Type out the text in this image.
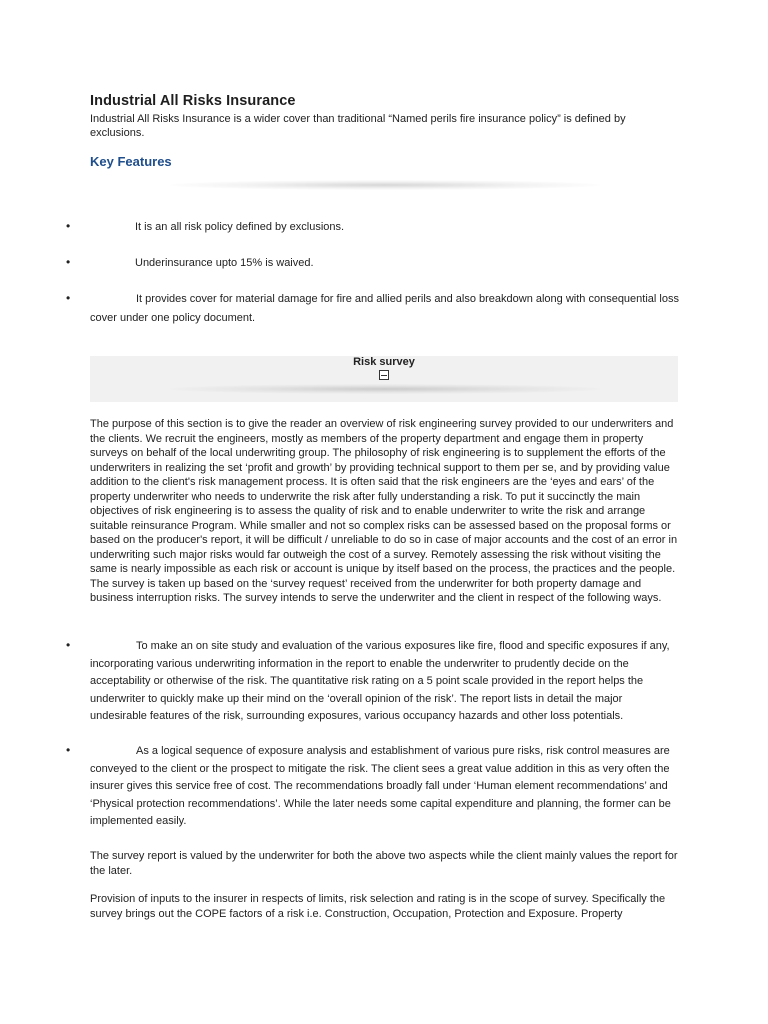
Industrial All Risks Insurance
Industrial All Risks Insurance is a wider cover than traditional “Named perils fire insurance policy” is defined by exclusions.
Key Features
•	It is an all risk policy defined by exclusions.
•	Underinsurance upto 15% is waived.
•	It provides cover for material damage for fire and allied perils and also breakdown along with consequential loss cover under one policy document.
Risk survey
The purpose of this section is to give the reader an overview of risk engineering survey provided to our underwriters and the clients. We recruit the engineers, mostly as members of the property department and engage them in property surveys on behalf of the local underwriting group. The philosophy of risk engineering is to supplement the efforts of the underwriters in realizing the set ‘profit and growth’ by providing technical support to them per se, and by providing value addition to the client's risk management process. It is often said that the risk engineers are the ‘eyes and ears’ of the property underwriter who needs to underwrite the risk after fully understanding a risk. To put it succinctly the main objectives of risk engineering is to assess the quality of risk and to enable underwriter to write the risk and arrange suitable reinsurance Program. While smaller and not so complex risks can be assessed based on the proposal forms or based on the producer's report, it will be difficult / unreliable to do so in case of major accounts and the cost of an error in underwriting such major risks would far outweigh the cost of a survey. Remotely assessing the risk without visiting the same is nearly impossible as each risk or account is unique by itself based on the process, the practices and the people. The survey is taken up based on the ‘survey request’ received from the underwriter for both property damage and business interruption risks. The survey intends to serve the underwriter and the client in respect of the following ways.
•	To make an on site study and evaluation of the various exposures like fire, flood and specific exposures if any, incorporating various underwriting information in the report to enable the underwriter to prudently decide on the acceptability or otherwise of the risk. The quantitative risk rating on a 5 point scale provided in the report helps the underwriter to quickly make up their mind on the ‘overall opinion of the risk’. The report lists in detail the major undesirable features of the risk, surrounding exposures, various occupancy hazards and other loss potentials.
•	As a logical sequence of exposure analysis and establishment of various pure risks, risk control measures are conveyed to the client or the prospect to mitigate the risk. The client sees a great value addition in this as very often the insurer gives this service free of cost. The recommendations broadly fall under ‘Human element recommendations’ and ‘Physical protection recommendations’. While the later needs some capital expenditure and planning, the former can be implemented easily.
The survey report is valued by the underwriter for both the above two aspects while the client mainly values the report for the later.
Provision of inputs to the insurer in respects of limits, risk selection and rating is in the scope of survey. Specifically the survey brings out the COPE factors of a risk i.e. Construction, Occupation, Protection and Exposure. Property
